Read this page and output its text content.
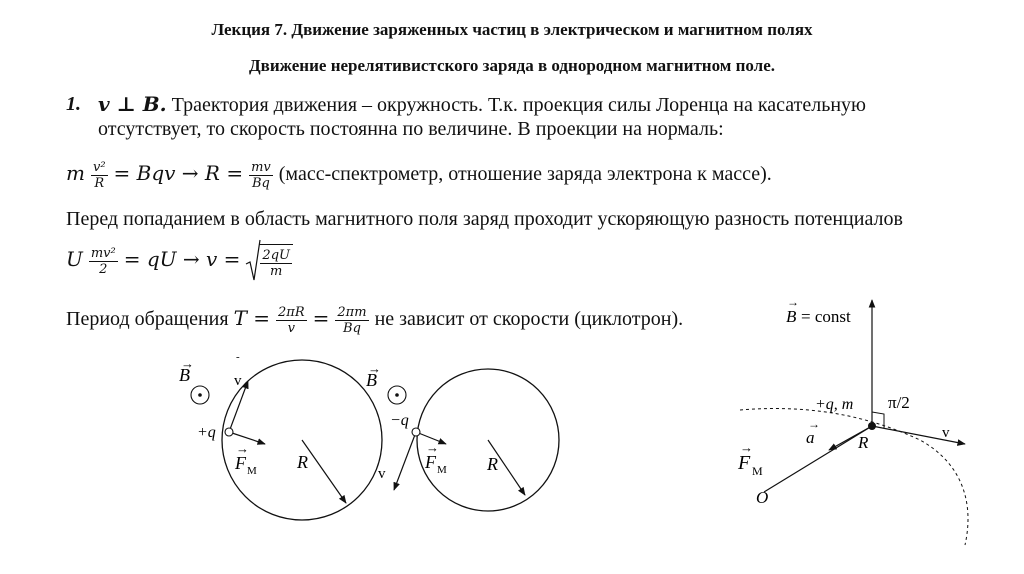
Лекция 7. Движение заряженных частиц в электрическом и магнитном полях
Движение нерелятивистского заряда в однородном магнитном поле.
1. v ⊥ B. Траектория движения – окружность. Т.к. проекция силы Лоренца на касательную
отсутствует, то скорость постоянна по величине. В проекции на нормаль:
m $\frac{\text{v²}}{R}$ = Bqv → $R = \frac{mv}{Bq}$ (масс-спектрометр, отношение заряда электрона к массе).
Перед попаданием в область магнитного поля заряд проходит ускоряющую разность потенциалов
U $\frac{\text{mv²}}{2}$ = qU → $v = \frac{2qU}{m}$
Период обращения $T = \frac{2\pi R}{v} = \frac{2\pi m}{Bq}$ не зависит от скорости (циклотрон).
B
→
v
-
+q
F M
→
R
B
→
v
−q
F M
→
R
B
→
= const
v
π/2
+q, m
a
→
R
F M
→
O
